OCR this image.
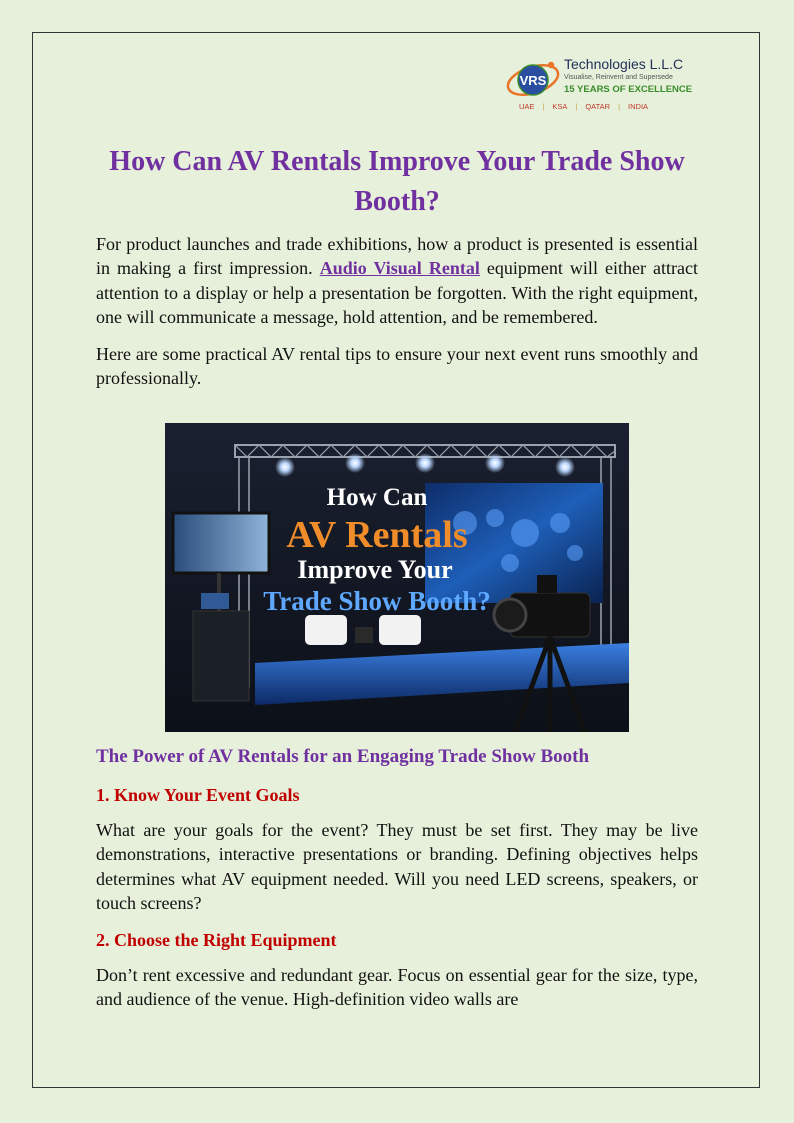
VRS
Technologies L.L.C
Visualise, Reinvent and Supersede
15 YEARS OF EXCELLENCE
UAE | KSA | QATAR | INDIA
How Can AV Rentals Improve Your Trade Show Booth?

For product launches and trade exhibitions, how a product is presented is essential in making a first impression. Audio Visual Rental equipment will either attract attention to a display or help a presentation be forgotten. With the right equipment, one will communicate a message, hold attention, and be remembered.

Here are some practical AV rental tips to ensure your next event runs smoothly and professionally.

How Can
AV Rentals
Improve Your
Trade Show Booth?
The Power of AV Rentals for an Engaging Trade Show Booth
1. Know Your Event Goals

What are your goals for the event? They must be set first. They may be live demonstrations, interactive presentations or branding. Defining objectives helps determines what AV equipment needed. Will you need LED screens, speakers, or touch screens?

2. Choose the Right Equipment

Don’t rent excessive and redundant gear. Focus on essential gear for the size, type, and audience of the venue. High-definition video walls are
